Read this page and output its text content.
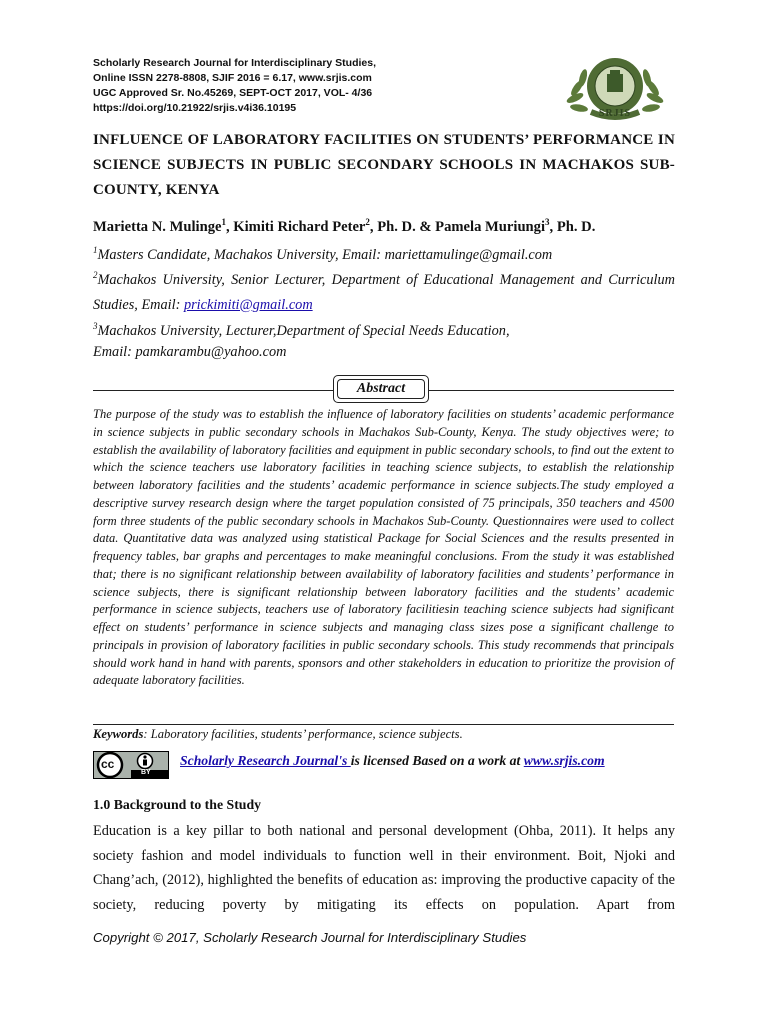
Scholarly Research Journal for Interdisciplinary Studies,
Online ISSN 2278-8808, SJIF 2016 = 6.17, www.srjis.com
UGC Approved Sr. No.45269, SEPT-OCT 2017, VOL- 4/36
https://doi.org/10.21922/srjis.v4i36.10195	SRJIS
INFLUENCE OF LABORATORY FACILITIES ON STUDENTS’ PERFORMANCE IN SCIENCE SUBJECTS IN PUBLIC SECONDARY SCHOOLS IN MACHAKOS SUB-COUNTY, KENYA
Marietta N. Mulinge$^1$, Kimiti Richard Peter$^2$, Ph. D. & Pamela Muriungi$^3$, Ph. D.
$^1$Masters Candidate, Machakos University, Email: mariettamulinge@gmail.com
$^2$Machakos University, Senior Lecturer, Department of Educational Management and Curriculum Studies, Email: prickimiti@gmail.com
$^3$Machakos University, Lecturer,Department of Special Needs Education,
Email: pamkarambu@yahoo.com
Abstract
The purpose of the study was to establish the influence of laboratory facilities on students’ academic performance in science subjects in public secondary schools in Machakos Sub-County, Kenya. The study objectives were; to establish the availability of laboratory facilities and equipment in public secondary schools, to find out the extent to which the science teachers use laboratory facilities in teaching science subjects, to establish the relationship between laboratory facilities and the students’ academic performance in science subjects.The study employed a descriptive survey research design where the target population consisted of 75 principals, 350 teachers and 4500 form three students of the public secondary schools in Machakos Sub-County. Questionnaires were used to collect data. Quantitative data was analyzed using statistical Package for Social Sciences and the results presented in frequency tables, bar graphs and percentages to make meaningful conclusions. From the study it was established that; there is no significant relationship between availability of laboratory facilities and students’ performance in science subjects, there is significant relationship between laboratory facilities and the students’ academic performance in science subjects, teachers use of laboratory facilitiesin teaching science subjects had significant effect on students’ performance in science subjects and managing class sizes pose a significant challenge to principals in provision of laboratory facilities in public secondary schools. This study recommends that principals should work hand in hand with parents, sponsors and other stakeholders in education to prioritize the provision of adequate laboratory facilities.
Keywords: Laboratory facilities, students’ performance, science subjects.
cc
BY
Scholarly Research Journal's is licensed Based on a work at www.srjis.com
1.0 Background to the Study
Education is a key pillar to both national and personal development (Ohba, 2011). It helps any society fashion and model individuals to function well in their environment. Boit, Njoki and Chang’ach, (2012), highlighted the benefits of education as: improving the productive capacity of the society, reducing poverty by mitigating its effects on population. Apart from
Copyright © 2017, Scholarly Research Journal for Interdisciplinary Studies
